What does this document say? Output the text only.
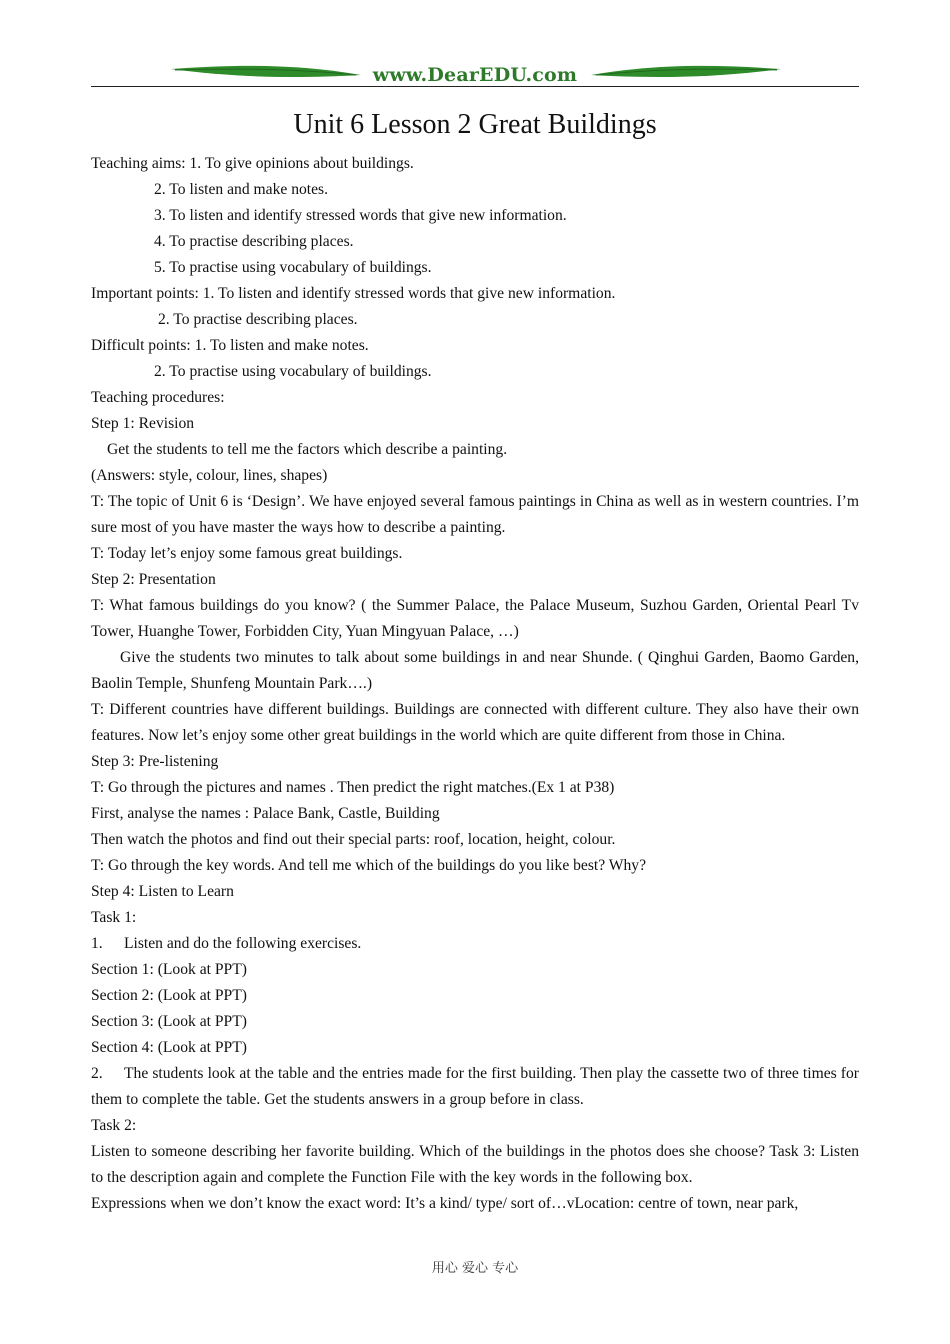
www.DearEDU.com
Unit 6 Lesson 2 Great Buildings

Teaching aims: 1. To give opinions about buildings.

2. To listen and make notes.

3. To listen and identify stressed words that give new information.

4. To practise describing places.

5. To practise using vocabulary of buildings.

Important points: 1. To listen and identify stressed words that give new information.

2. To practise describing places.

Difficult points: 1. To listen and make notes.

2. To practise using vocabulary of buildings.

Teaching procedures:

Step 1: Revision

Get the students to tell me the factors which describe a painting.

(Answers: style, colour, lines, shapes)

T: The topic of Unit 6 is ‘Design’. We have enjoyed several famous paintings in China as well as in western countries. I’m sure most of you have master the ways how to describe a painting.

T: Today let’s enjoy some famous great buildings.

Step 2: Presentation

T: What famous buildings do you know? ( the Summer Palace, the Palace Museum, Suzhou Garden, Oriental Pearl Tv Tower, Huanghe Tower, Forbidden City, Yuan Mingyuan Palace, …)

Give the students two minutes to talk about some buildings in and near Shunde. ( Qinghui Garden, Baomo Garden, Baolin Temple, Shunfeng Mountain Park….)

T: Different countries have different buildings. Buildings are connected with different culture. They also have their own features. Now let’s enjoy some other great buildings in the world which are quite different from those in China.

Step 3: Pre-listening

T: Go through the pictures and names . Then predict the right matches.(Ex 1 at P38)

First, analyse the names : Palace Bank, Castle, Building

Then watch the photos and find out their special parts: roof, location, height, colour.

T: Go through the key words. And tell me which of the buildings do you like best? Why?

Step 4: Listen to Learn

Task 1:

1. Listen and do the following exercises.

Section 1: (Look at PPT)

Section 2: (Look at PPT)

Section 3: (Look at PPT)

Section 4: (Look at PPT)

2. The students look at the table and the entries made for the first building. Then play the cassette two of three times for them to complete the table. Get the students answers in a group before in class.

Task 2:

Listen to someone describing her favorite building. Which of the buildings in the photos does she choose? Task 3: Listen to the description again and complete the Function File with the key words in the following box.

Expressions when we don’t know the exact word: It’s a kind/ type/ sort of…vLocation: centre of town, near park,

用心 爱心 专心
